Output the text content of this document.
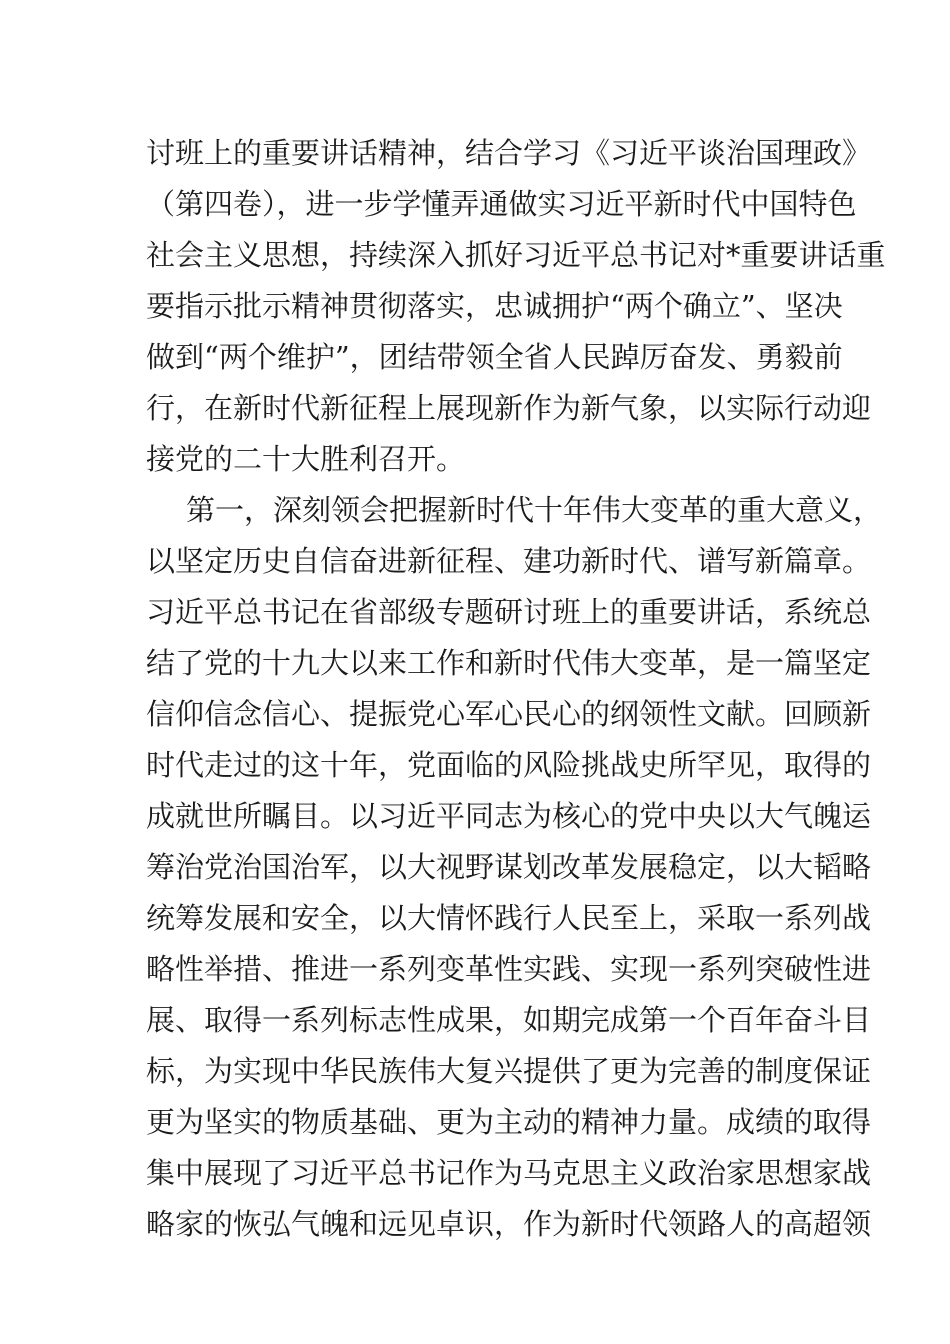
讨班上的重要讲话精神，结合学习《习近平谈治国理政》
（第四卷），进一步学懂弄通做实习近平新时代中国特色
社会主义思想，持续深入抓好习近平总书记对*重要讲话重
要指示批示精神贯彻落实，忠诚拥护“两个确立”、坚决
做到“两个维护”，团结带领全省人民踔厉奋发、勇毅前
行，在新时代新征程上展现新作为新气象，以实际行动迎
接党的二十大胜利召开。
第一，深刻领会把握新时代十年伟大变革的重大意义，
以坚定历史自信奋进新征程、建功新时代、谱写新篇章。
习近平总书记在省部级专题研讨班上的重要讲话，系统总
结了党的十九大以来工作和新时代伟大变革，是一篇坚定
信仰信念信心、提振党心军心民心的纲领性文献。回顾新
时代走过的这十年，党面临的风险挑战史所罕见，取得的
成就世所瞩目。以习近平同志为核心的党中央以大气魄运
筹治党治国治军，以大视野谋划改革发展稳定，以大韬略
统筹发展和安全，以大情怀践行人民至上，采取一系列战
略性举措、推进一系列变革性实践、实现一系列突破性进
展、取得一系列标志性成果，如期完成第一个百年奋斗目
标，为实现中华民族伟大复兴提供了更为完善的制度保证
更为坚实的物质基础、更为主动的精神力量。成绩的取得
集中展现了习近平总书记作为马克思主义政治家思想家战
略家的恢弘气魄和远见卓识，作为新时代领路人的高超领
